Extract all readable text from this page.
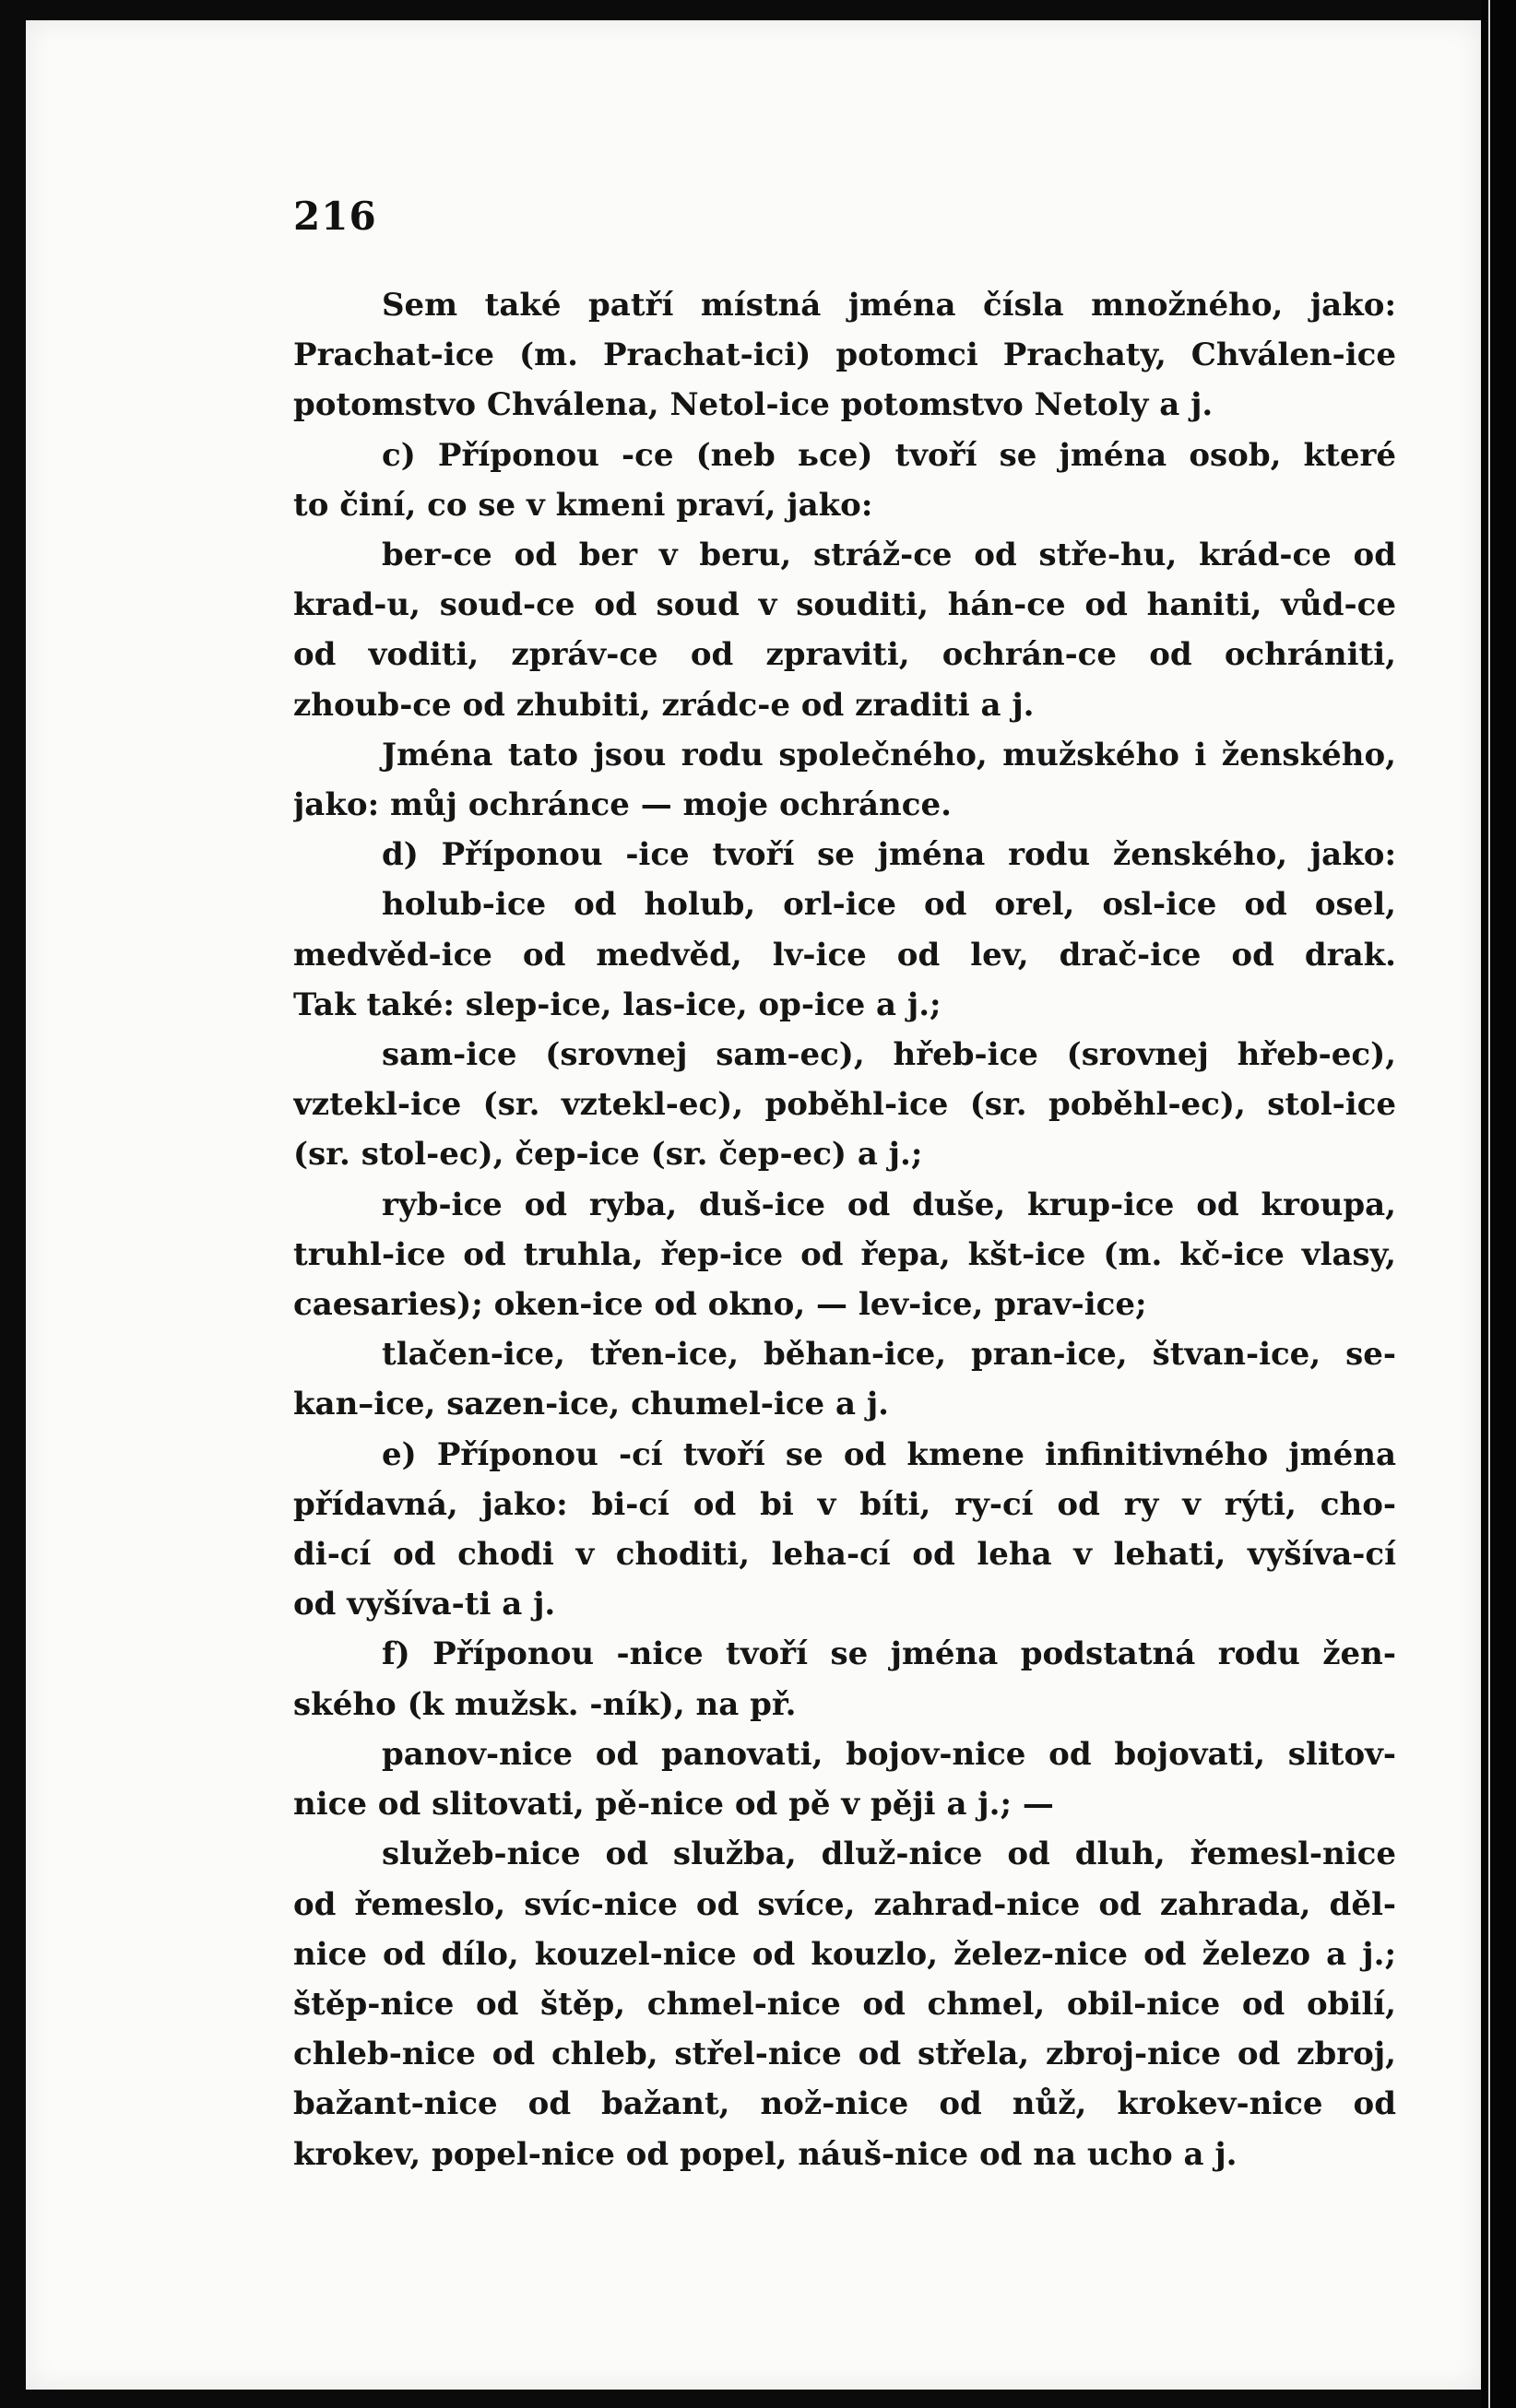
216
Sem také patří místná jména čísla množného, jako:
Prachat-ice (m. Prachat-ici) potomci Prachaty, Chválen-ice
potomstvo Chválena, Netol-ice potomstvo Netoly a j.
c) Příponou -ce (neb ьce) tvoří se jména osob, které
to činí, co se v kmeni praví, jako:
ber-ce od ber v beru, stráž-ce od stře-hu, krád-ce od
krad-u, soud-ce od soud v souditi, hán-ce od haniti, vůd-ce
od voditi, zpráv-ce od zpraviti, ochrán-ce od ochrániti,
zhoub-ce od zhubiti, zrádc-e od zraditi a j.
Jména tato jsou rodu společného, mužského i ženského,
jako: můj ochránce — moje ochránce.
d) Příponou -ice tvoří se jména rodu ženského, jako:
holub-ice od holub, orl-ice od orel, osl-ice od osel,
medvěd-ice od medvěd, lv-ice od lev, drač-ice od drak.
Tak také: slep-ice, las-ice, op-ice a j.;
sam-ice (srovnej sam-ec), hřeb-ice (srovnej hřeb-ec),
vztekl-ice (sr. vztekl-ec), poběhl-ice (sr. poběhl-ec), stol-ice
(sr. stol-ec), čep-ice (sr. čep-ec) a j.;
ryb-ice od ryba, duš-ice od duše, krup-ice od kroupa,
truhl-ice od truhla, řep-ice od řepa, kšt-ice (m. kč-ice vlasy,
caesaries); oken-ice od okno, — lev-ice, prav-ice;
tlačen-ice, třen-ice, běhan-ice, pran-ice, štvan-ice, se-
kan–ice, sazen-ice, chumel-ice a j.
e) Příponou -cí tvoří se od kmene infinitivného jména
přídavná, jako: bi-cí od bi v bíti, ry-cí od ry v rýti, cho-
di-cí od chodi v choditi, leha-cí od leha v lehati, vyšíva-cí
od vyšíva-ti a j.
f) Příponou -nice tvoří se jména podstatná rodu žen-
ského (k mužsk. -ník), na př.
panov-nice od panovati, bojov-nice od bojovati, slitov-
nice od slitovati, pě-nice od pě v pěji a j.; —
služeb-nice od služba, dluž-nice od dluh, řemesl-nice
od řemeslo, svíc-nice od svíce, zahrad-nice od zahrada, děl-
nice od dílo, kouzel-nice od kouzlo, želez-nice od železo a j.;
štěp-nice od štěp, chmel-nice od chmel, obil-nice od obilí,
chleb-nice od chleb, střel-nice od střela, zbroj-nice od zbroj,
bažant-nice od bažant, nož-nice od nůž, krokev-nice od
krokev, popel-nice od popel, náuš-nice od na ucho a j.
